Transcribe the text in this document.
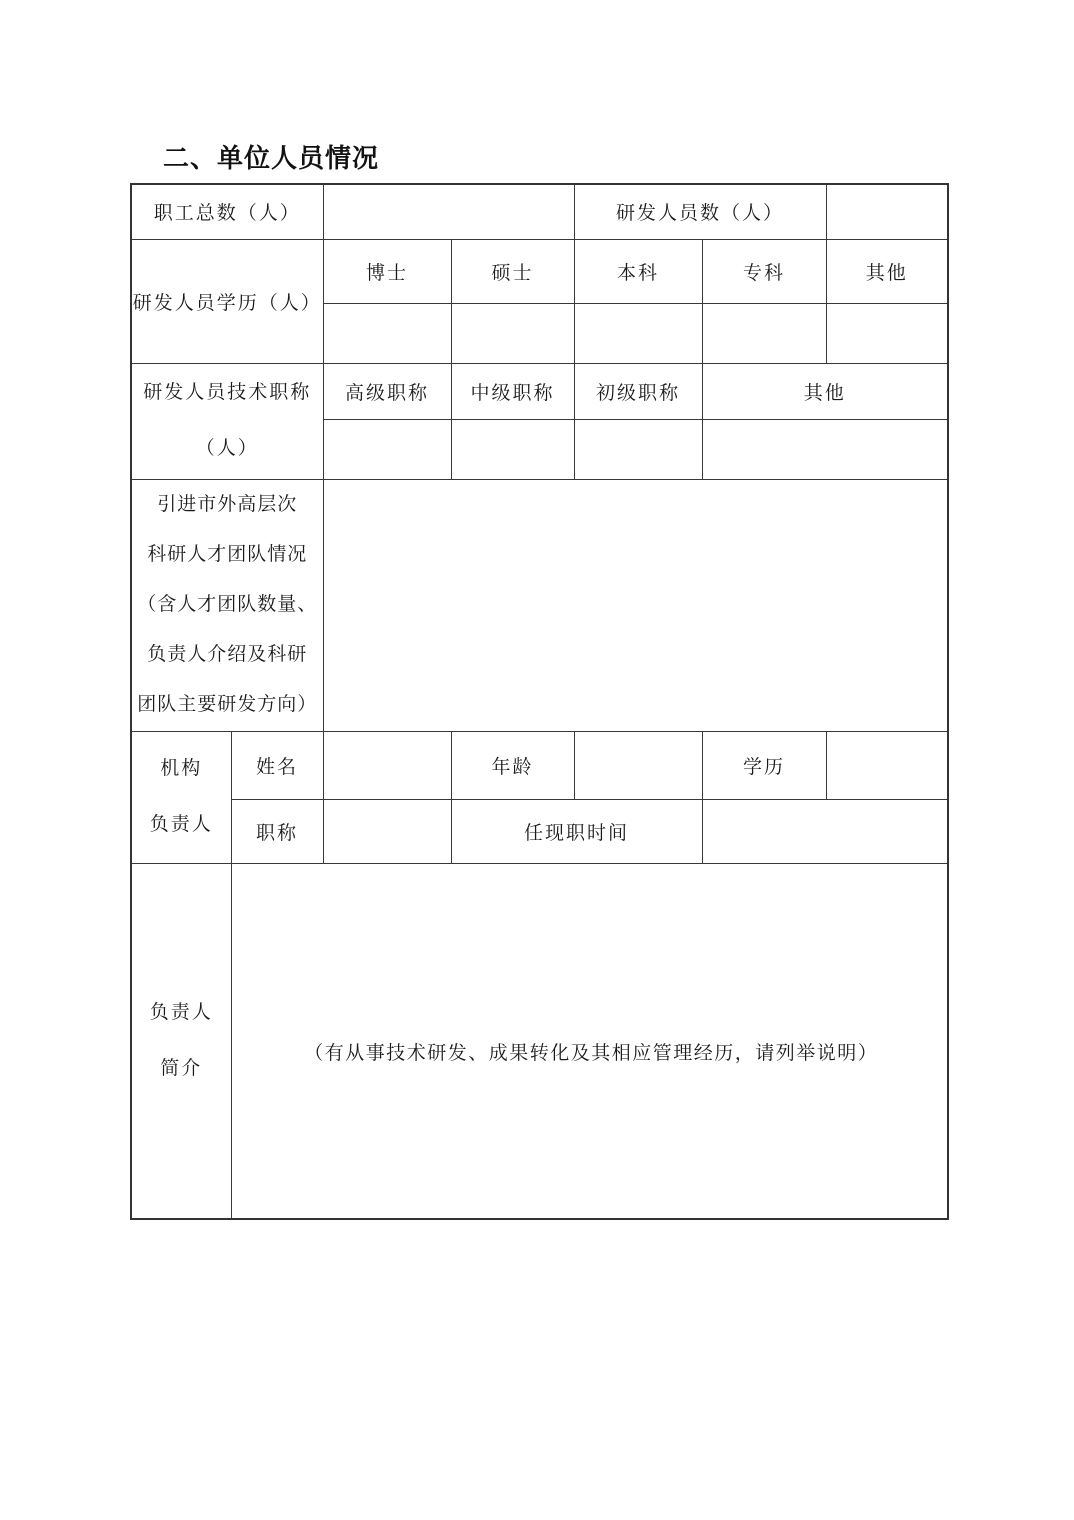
二、单位人员情况
职工总数（人）				研发人员数（人）		
研发人员学历（人）		博士	硕士	本科	专科	其他

研发人员技术职称
（人）		高级职称	中级职称	初级职称	其他	

引进市外高层次
科研人才团队情况
（含人才团队数量、
负责人介绍及科研
团队主要研发方向）						

机构
负责人	姓名		年龄		学历	
	职称		任现职时间			

负责人
简介	（有从事技术研发、成果转化及其相应管理经历，请列举说明）					
